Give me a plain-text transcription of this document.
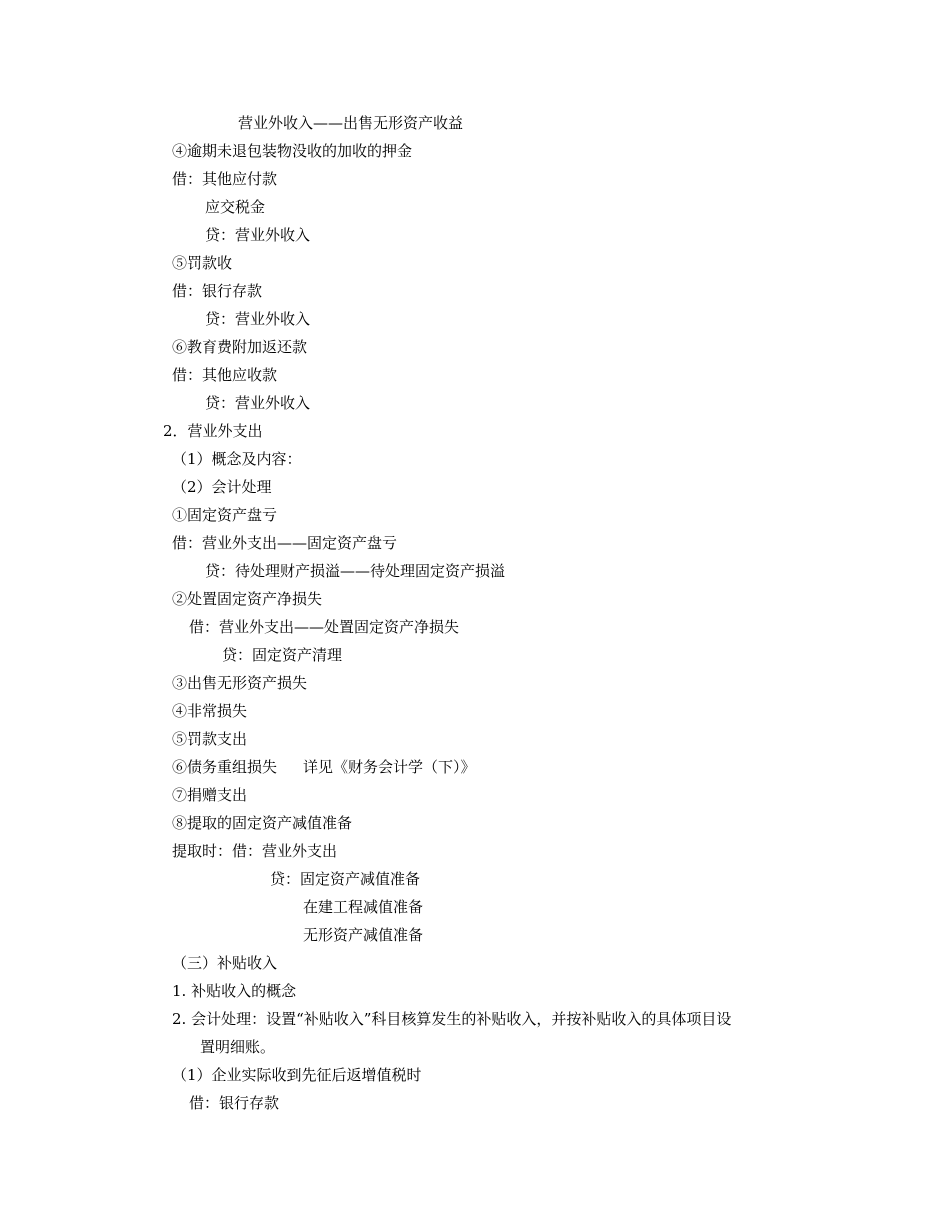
营业外收入——出售无形资产收益

④逾期未退包装物没收的加收的押金

借：其他应付款

应交税金

贷：营业外收入

⑤罚款收

借：银行存款

贷：营业外收入

⑥教育费附加返还款

借：其他应收款

贷：营业外收入

2．营业外支出

（1）概念及内容：

（2）会计处理

①固定资产盘亏

借：营业外支出——固定资产盘亏

贷：待处理财产损溢——待处理固定资产损溢

②处置固定资产净损失

借：营业外支出——处置固定资产净损失

贷：固定资产清理

③出售无形资产损失

④非常损失

⑤罚款支出

⑥债务重组损失 详见《财务会计学（下）》

⑦捐赠支出

⑧提取的固定资产减值准备

提取时：借：营业外支出

贷：固定资产减值准备

在建工程减值准备

无形资产减值准备

（三）补贴收入

1. 补贴收入的概念

2. 会计处理：设置“补贴收入”科目核算发生的补贴收入，并按补贴收入的具体项目设

置明细账。

（1）企业实际收到先征后返增值税时

借：银行存款
